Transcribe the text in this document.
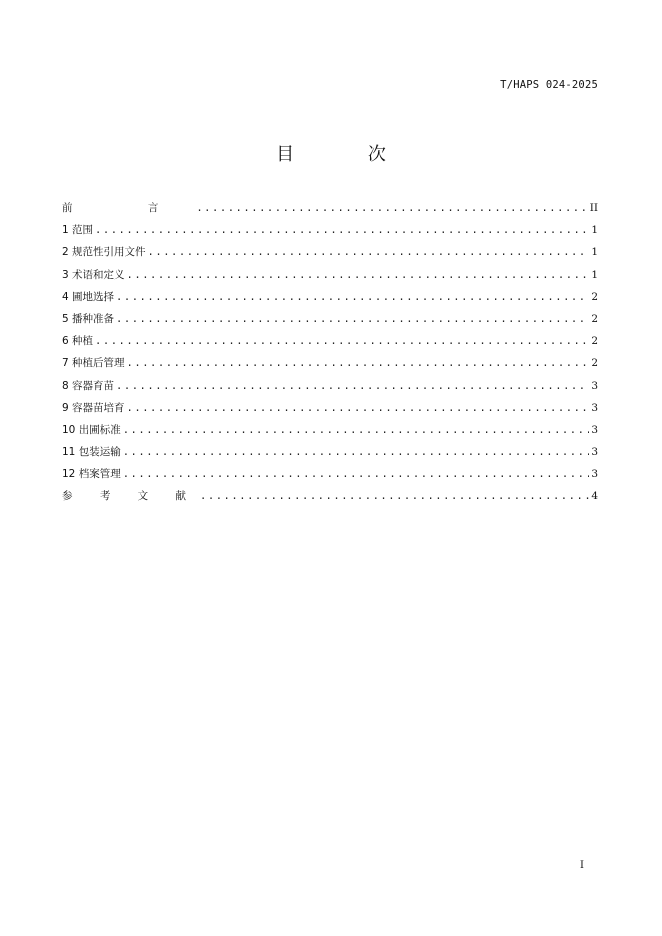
T/HAPS 024-2025
目 次
前 言 . . .	II
1 范围 . . .	1
2 规范性引用文件 . . .	1
3 术语和定义 . . .	1
4 圃地选择 . . .	2
5 播种准备 . . .	2
6 种植 . . .	2
7 种植后管理 . . .	2
8 容器育苗 . . .	3
9 容器苗培育 . . .	3
10 出圃标准 . . .	3
11 包装运输 . . .	3
12 档案管理 . . .	3
参 考 文 献 . . .	4
I
